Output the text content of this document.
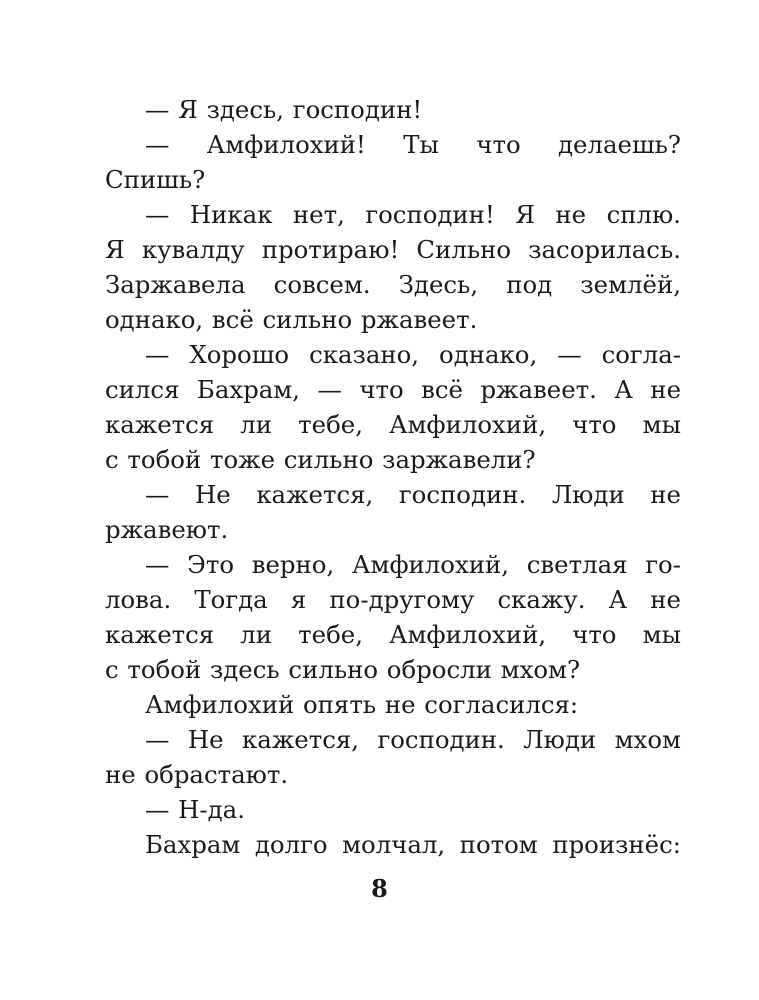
— Я здесь, господин!
— Амфилохий! Ты что делаешь?
Спишь?
— Никак нет, господин! Я не сплю.
Я кувалду протираю! Сильно засорилась.
Заржавела совсем. Здесь, под землёй,
однако, всё сильно ржавеет.
— Хорошо сказано, однако, — согла-
сился Бахрам, — что всё ржавеет. А не
кажется ли тебе, Амфилохий, что мы
с тобой тоже сильно заржавели?
— Не кажется, господин. Люди не
ржавеют.
— Это верно, Амфилохий, светлая го-
лова. Тогда я по-другому скажу. А не
кажется ли тебе, Амфилохий, что мы
с тобой здесь сильно обросли мхом?
Амфилохий опять не согласился:
— Не кажется, господин. Люди мхом
не обрастают.
— Н-да.
Бахрам долго молчал, потом произнёс:
8
